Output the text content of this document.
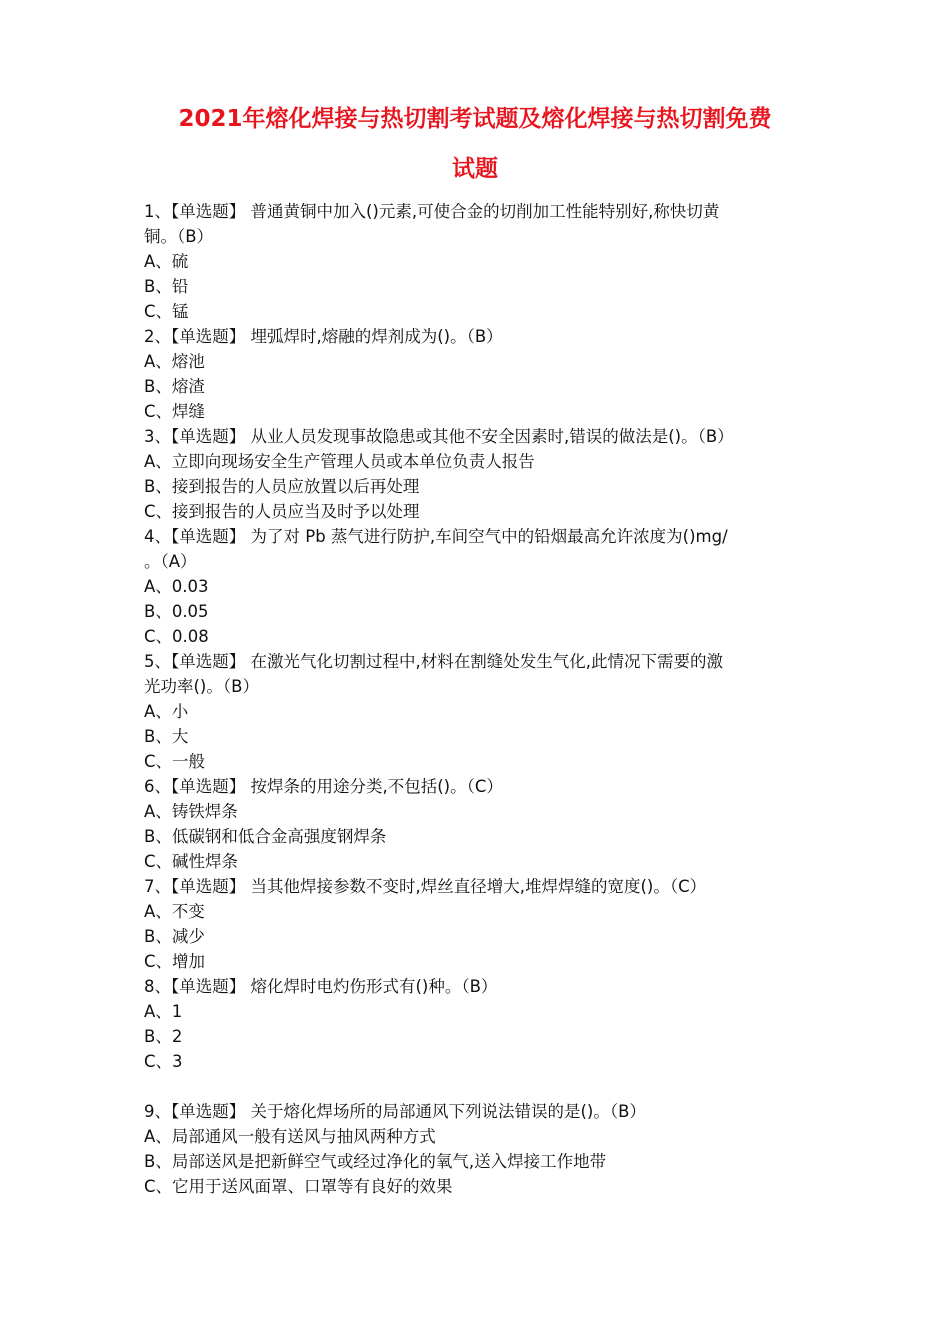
2021年熔化焊接与热切割考试题及熔化焊接与热切割免费
试题
1、【单选题】 普通黄铜中加入()元素,可使合金的切削加工性能特别好,称快切黄
铜。（B）
A、硫
B、铅
C、锰
2、【单选题】 埋弧焊时,熔融的焊剂成为()。（B）
A、熔池
B、熔渣
C、焊缝
3、【单选题】 从业人员发现事故隐患或其他不安全因素时,错误的做法是()。（B）
A、立即向现场安全生产管理人员或本单位负责人报告
B、接到报告的人员应放置以后再处理
C、接到报告的人员应当及时予以处理
4、【单选题】 为了对 Pb 蒸气进行防护,车间空气中的铅烟最高允许浓度为()mg/
。（A）
A、0.03
B、0.05
C、0.08
5、【单选题】 在激光气化切割过程中,材料在割缝处发生气化,此情况下需要的激
光功率()。（B）
A、小
B、大
C、一般
6、【单选题】 按焊条的用途分类,不包括()。（C）
A、铸铁焊条
B、低碳钢和低合金高强度钢焊条
C、碱性焊条
7、【单选题】 当其他焊接参数不变时,焊丝直径增大,堆焊焊缝的宽度()。（C）
A、不变
B、减少
C、增加
8、【单选题】 熔化焊时电灼伤形式有()种。（B）
A、1
B、2
C、3
9、【单选题】 关于熔化焊场所的局部通风下列说法错误的是()。（B）
A、局部通风一般有送风与抽风两种方式
B、局部送风是把新鲜空气或经过净化的氧气,送入焊接工作地带
C、它用于送风面罩、口罩等有良好的效果
